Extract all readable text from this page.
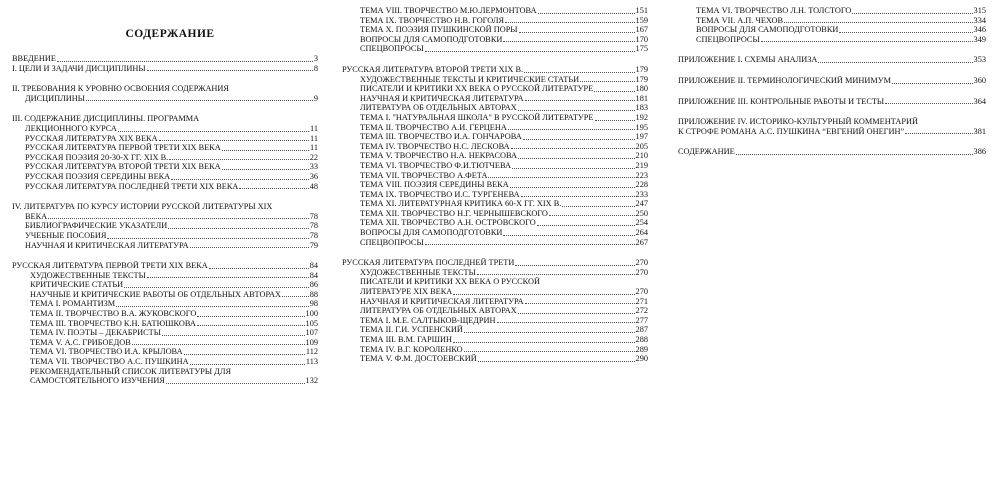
СОДЕРЖАНИЕ
ВВЕДЕНИЕ	3
I. ЦЕЛИ И ЗАДАЧИ ДИСЦИПЛИНЫ	8
II. ТРЕБОВАНИЯ К УРОВНЮ ОСВОЕНИЯ СОДЕРЖАНИЯ
ДИСЦИПЛИНЫ	9
III. СОДЕРЖАНИЕ ДИСЦИПЛИНЫ. ПРОГРАММА
ЛЕКЦИОННОГО КУРСА	11
РУССКАЯ ЛИТЕРАТУРА XIX ВЕКА	11
РУССКАЯ ЛИТЕРАТУРА ПЕРВОЙ ТРЕТИ XIX ВЕКА	11
РУССКАЯ ПОЭЗИЯ 20-30-Х ГГ. XIX В.	22
РУССКАЯ ЛИТЕРАТУРА ВТОРОЙ ТРЕТИ XIX ВЕКА	33
РУССКАЯ ПОЭЗИЯ СЕРЕДИНЫ ВЕКА	36
РУССКАЯ ЛИТЕРАТУРА ПОСЛЕДНЕЙ ТРЕТИ XIX ВЕКА	48
IV. ЛИТЕРАТУРА ПО КУРСУ ИСТОРИИ РУССКОЙ ЛИТЕРАТУРЫ XIX
ВЕКА	78
БИБЛИОГРАФИЧЕСКИЕ УКАЗАТЕЛИ	78
УЧЕБНЫЕ ПОСОБИЯ	78
НАУЧНАЯ И КРИТИЧЕСКАЯ ЛИТЕРАТУРА	79
РУССКАЯ ЛИТЕРАТУРА ПЕРВОЙ ТРЕТИ XIX ВЕКА	84
ХУДОЖЕСТВЕННЫЕ ТЕКСТЫ	84
КРИТИЧЕСКИЕ СТАТЬИ	86
НАУЧНЫЕ И КРИТИЧЕСКИЕ РАБОТЫ ОБ ОТДЕЛЬНЫХ АВТОРАХ	88
ТЕМА I. РОМАНТИЗМ	98
ТЕМА II. ТВОРЧЕСТВО В.А. ЖУКОВСКОГО	100
ТЕМА III. ТВОРЧЕСТВО К.Н. БАТЮШКОВА	105
ТЕМА IV. ПОЭТЫ – ДЕКАБРИСТЫ	107
ТЕМА V. А.С. ГРИБОЕДОВ	109
ТЕМА VI. ТВОРЧЕСТВО И.А. КРЫЛОВА	112
ТЕМА VII. ТВОРЧЕСТВО А.С. ПУШКИНА	113
РЕКОМЕНДАТЕЛЬНЫЙ СПИСОК ЛИТЕРАТУРЫ ДЛЯ
САМОСТОЯТЕЛЬНОГО ИЗУЧЕНИЯ	132
ТЕМА VIII. ТВОРЧЕСТВО М.Ю.ЛЕРМОНТОВА	151
ТЕМА IX. ТВОРЧЕСТВО Н.В. ГОГОЛЯ	159
ТЕМА X. ПОЭЗИЯ ПУШКИНСКОЙ ПОРЫ	167
ВОПРОСЫ ДЛЯ САМОПОДГОТОВКИ	170
СПЕЦВОПРОСЫ	175
РУССКАЯ ЛИТЕРАТУРА ВТОРОЙ ТРЕТИ XIX В.	179
ХУДОЖЕСТВЕННЫЕ ТЕКСТЫ И КРИТИЧЕСКИЕ СТАТЬИ	179
ПИСАТЕЛИ И КРИТИКИ XX ВЕКА О РУССКОЙ ЛИТЕРАТУРЕ	180
НАУЧНАЯ И КРИТИЧЕСКАЯ ЛИТЕРАТУРА	181
ЛИТЕРАТУРА ОБ ОТДЕЛЬНЫХ АВТОРАХ	183
ТЕМА I. "НАТУРАЛЬНАЯ ШКОЛА" В РУССКОЙ ЛИТЕРАТУРЕ	192
ТЕМА II. ТВОРЧЕСТВО А.И. ГЕРЦЕНА	195
ТЕМА III. ТВОРЧЕСТВО И.А. ГОНЧАРОВА	197
ТЕМА IV. ТВОРЧЕСТВО Н.С. ЛЕСКОВА	205
ТЕМА V. ТВОРЧЕСТВО Н.А. НЕКРАСОВА	210
ТЕМА VI. ТВОРЧЕСТВО Ф.И.ТЮТЧЕВА	219
ТЕМА VII. ТВОРЧЕСТВО А.ФЕТА	223
ТЕМА VIII. ПОЭЗИЯ СЕРЕДИНЫ ВЕКА	228
ТЕМА IX. ТВОРЧЕСТВО И.С. ТУРГЕНЕВА	233
ТЕМА XI. ЛИТЕРАТУРНАЯ КРИТИКА 60-Х ГГ. XIX В.	247
ТЕМА XII. ТВОРЧЕСТВО Н.Г. ЧЕРНЫШЕВСКОГО	250
ТЕМА XII. ТВОРЧЕСТВО А.Н. ОСТРОВСКОГО	254
ВОПРОСЫ ДЛЯ САМОПОДГОТОВКИ	264
СПЕЦВОПРОСЫ	267
РУССКАЯ ЛИТЕРАТУРА ПОСЛЕДНЕЙ ТРЕТИ	270
ХУДОЖЕСТВЕННЫЕ ТЕКСТЫ	270
ПИСАТЕЛИ И КРИТИКИ XX ВЕКА О РУССКОЙ
ЛИТЕРАТУРЕ XIX ВЕКА	270
НАУЧНАЯ И КРИТИЧЕСКАЯ ЛИТЕРАТУРА	271
ЛИТЕРАТУРА ОБ ОТДЕЛЬНЫХ АВТОРАХ	272
ТЕМА I. М.Е. САЛТЫКОВ-ЩЕДРИН	277
ТЕМА II. Г.И. УСПЕНСКИЙ	287
ТЕМА III. В.М. ГАРШИН	288
ТЕМА IV. В.Г. КОРОЛЕНКО	289
ТЕМА V. Ф.М. ДОСТОЕВСКИЙ	290
ТЕМА VI. ТВОРЧЕСТВО Л.Н. ТОЛСТОГО	315
ТЕМА VII. А.П. ЧЕХОВ	334
ВОПРОСЫ ДЛЯ САМОПОДГОТОВКИ	346
СПЕЦВОПРОСЫ	349
ПРИЛОЖЕНИЕ I. СХЕМЫ АНАЛИЗА	353
ПРИЛОЖЕНИЕ II. ТЕРМИНОЛОГИЧЕСКИЙ МИНИМУМ	360
ПРИЛОЖЕНИЕ III. КОНТРОЛЬНЫЕ РАБОТЫ И ТЕСТЫ	364
ПРИЛОЖЕНИЕ IV. ИСТОРИКО-КУЛЬТУРНЫЙ КОММЕНТАРИЙ
К СТРОФЕ РОМАНА А.С. ПУШКИНА “ЕВГЕНИЙ ОНЕГИН”	381
СОДЕРЖАНИЕ	386
